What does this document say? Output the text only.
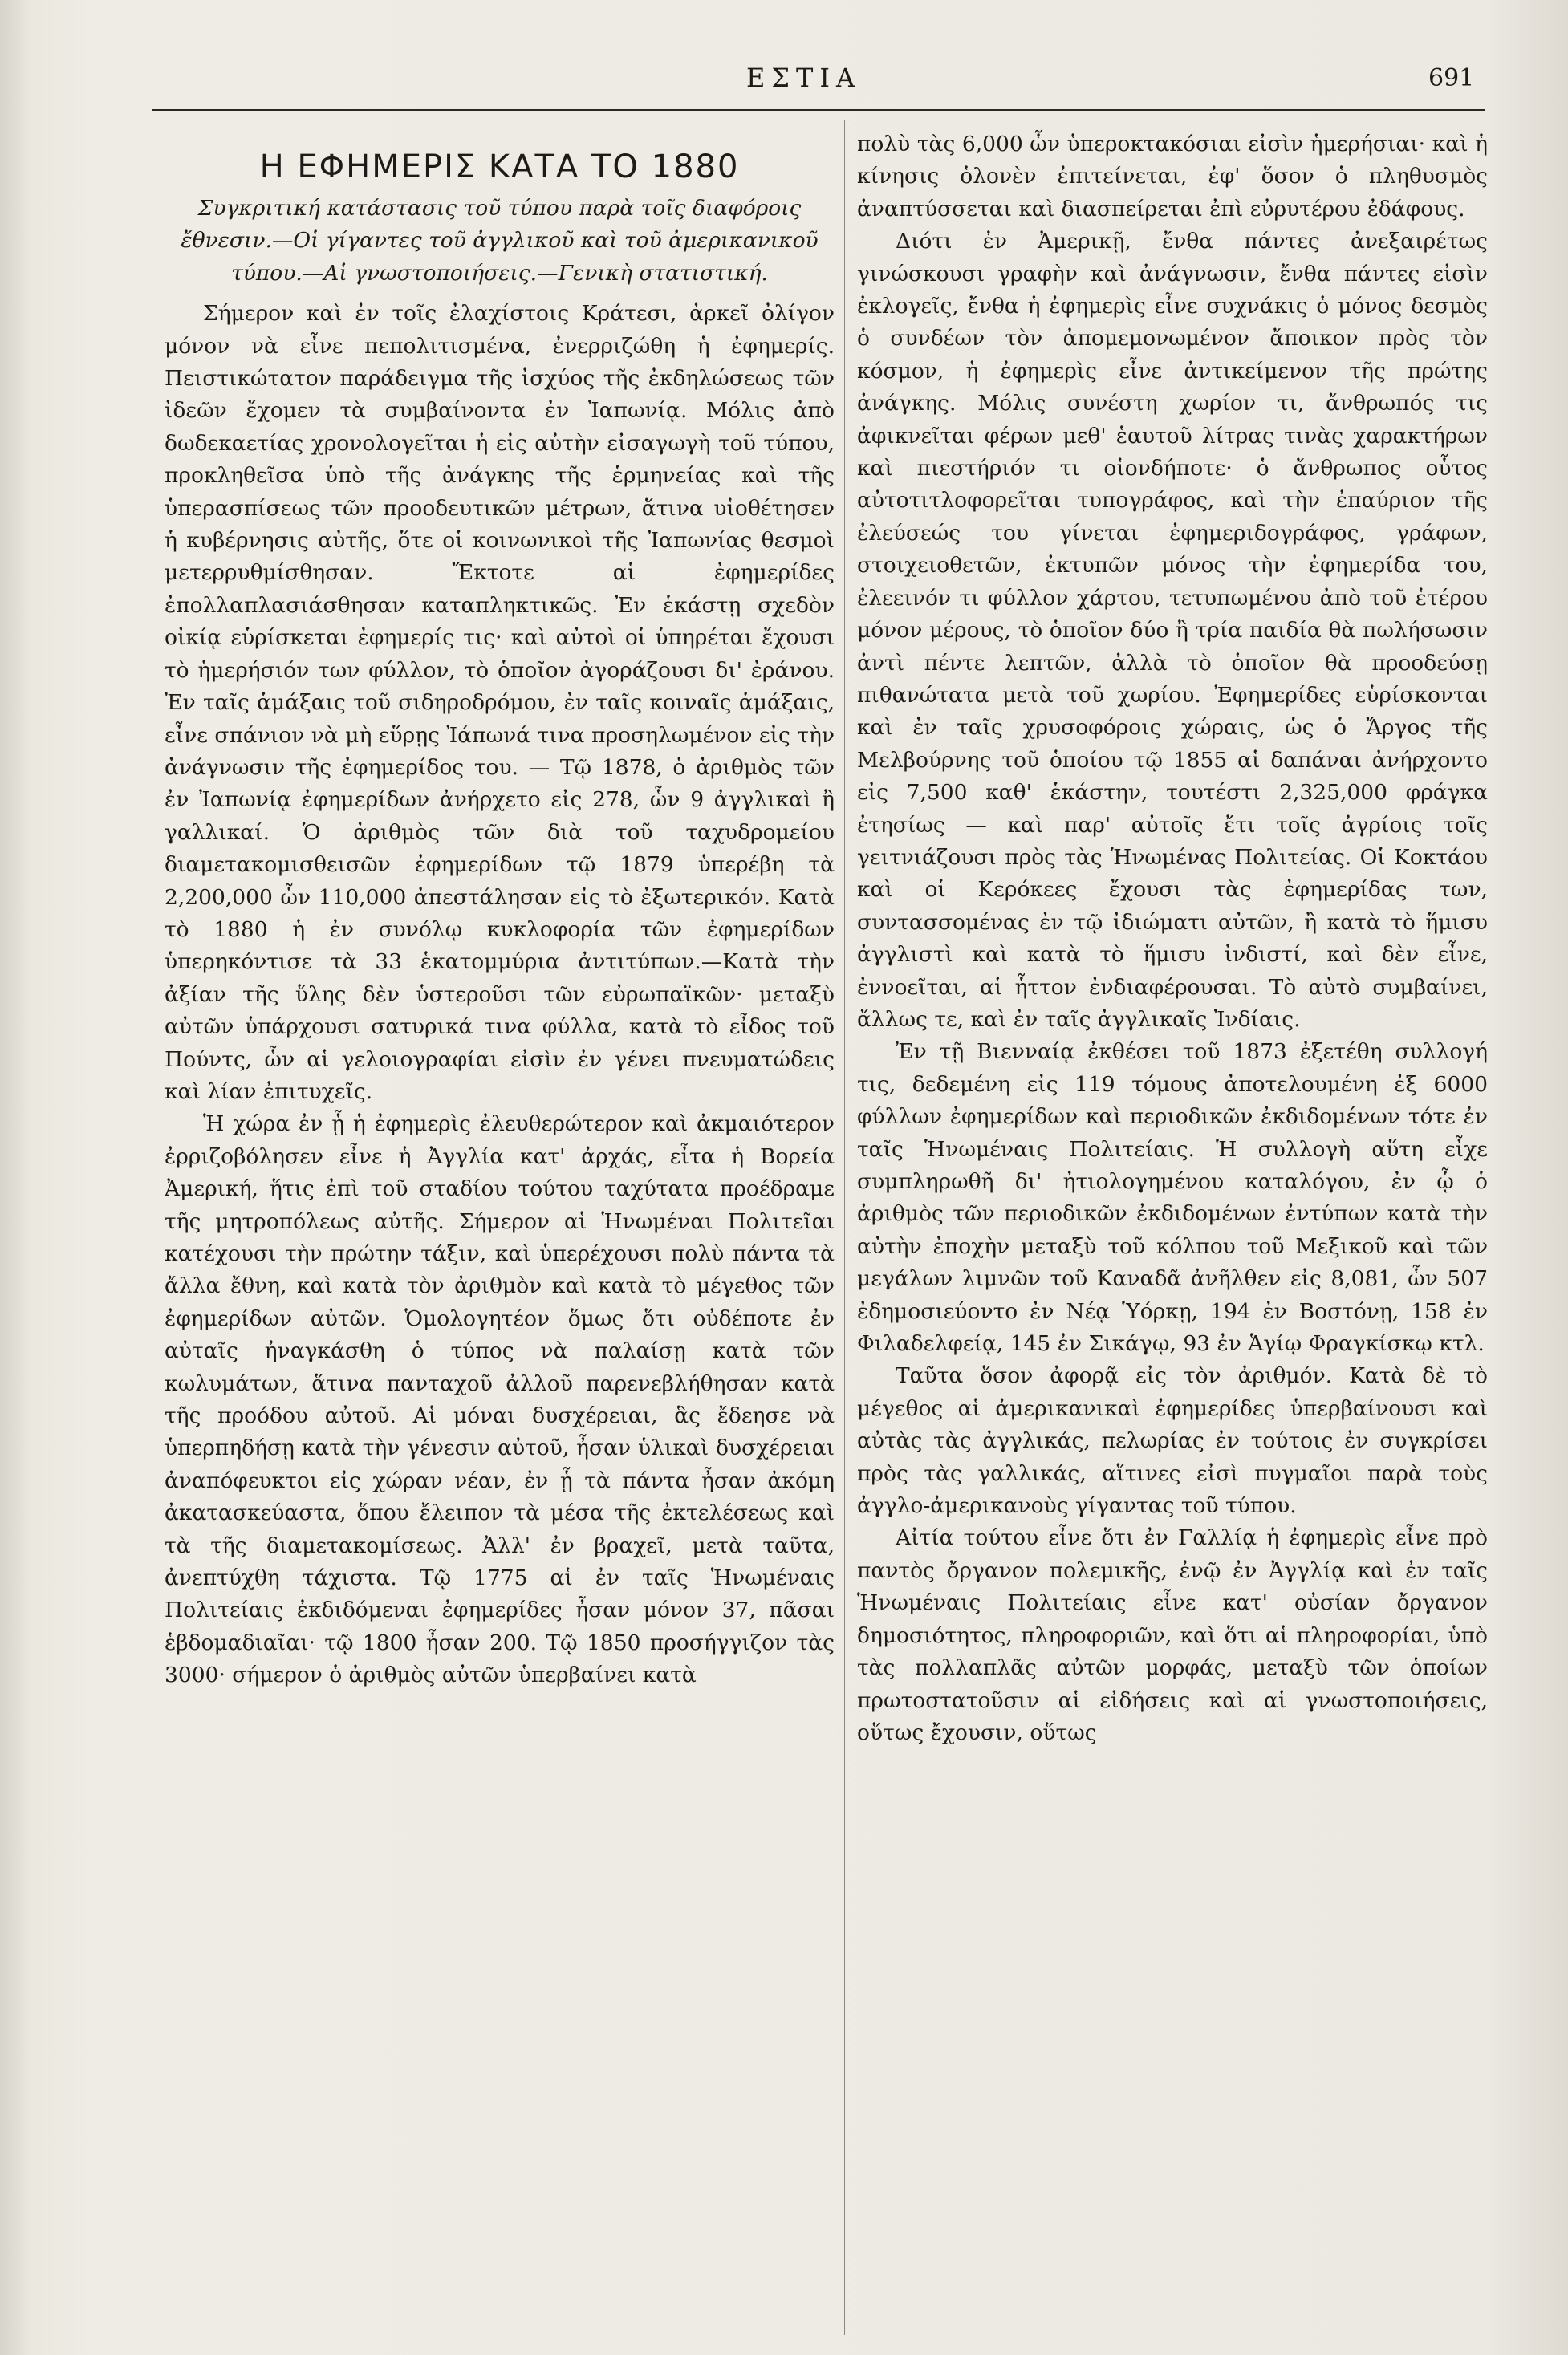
ΕΣΤΙΑ	691
Η ΕΦΗΜΕΡΙΣ ΚΑΤΑ ΤΟ 1880
Συγκριτική κατάστασις τοῦ τύπου παρὰ τοῖς διαφόροις ἔθνεσιν.—Οἱ γίγαντες τοῦ ἀγγλικοῦ καὶ τοῦ ἀμερικανικοῦ τύπου.—Αἱ γνωστοποιήσεις.—Γενικὴ στατιστική.

Σήμερον καὶ ἐν τοῖς ἐλαχίστοις Κράτεσι, ἀρκεῖ ὀλίγον μόνον νὰ εἶνε πεπολιτισμένα, ἐνερριζώθη ἡ ἐφημερίς. Πειστικώτατον παράδειγμα τῆς ἰσχύος τῆς ἐκδηλώσεως τῶν ἰδεῶν ἔχομεν τὰ συμβαίνοντα ἐν Ἰαπωνίᾳ. Μόλις ἀπὸ δωδεκαετίας χρονολογεῖται ἡ εἰς αὐτὴν εἰσαγωγὴ τοῦ τύπου, προκληθεῖσα ὑπὸ τῆς ἀνάγκης τῆς ἑρμηνείας καὶ τῆς ὑπερασπίσεως τῶν προοδευτικῶν μέτρων, ἅτινα υἱοθέτησεν ἡ κυβέρνησις αὐτῆς, ὅτε οἱ κοινωνικοὶ τῆς Ἰαπωνίας θεσμοὶ μετερρυθμίσθησαν. Ἔκτοτε αἱ ἐφημερίδες ἐπολλαπλασιάσθησαν καταπληκτικῶς. Ἐν ἑκάστῃ σχεδὸν οἰκίᾳ εὑρίσκεται ἐφημερίς τις· καὶ αὐτοὶ οἱ ὑπηρέται ἔχουσι τὸ ἡμερήσιόν των φύλλον, τὸ ὁποῖον ἀγοράζουσι δι' ἐράνου. Ἐν ταῖς ἁμάξαις τοῦ σιδηροδρόμου, ἐν ταῖς κοιναῖς ἁμάξαις, εἶνε σπάνιον νὰ μὴ εὕρῃς Ἰάπωνά τινα προσηλωμένον εἰς τὴν ἀνάγνωσιν τῆς ἐφημερίδος του. — Τῷ 1878, ὁ ἀριθμὸς τῶν ἐν Ἰαπωνίᾳ ἐφημερίδων ἀνήρχετο εἰς 278, ὧν 9 ἀγγλικαὶ ἢ γαλλικαί. Ὁ ἀριθμὸς τῶν διὰ τοῦ ταχυδρομείου διαμετακομισθεισῶν ἐφημερίδων τῷ 1879 ὑπερέβη τὰ 2,200,000 ὧν 110,000 ἀπεστάλησαν εἰς τὸ ἐξωτερικόν. Κατὰ τὸ 1880 ἡ ἐν συνόλῳ κυκλοφορία τῶν ἐφημερίδων ὑπερηκόντισε τὰ 33 ἑκατομμύρια ἀντιτύπων.—Κατὰ τὴν ἀξίαν τῆς ὕλης δὲν ὑστεροῦσι τῶν εὐρωπαϊκῶν· μεταξὺ αὐτῶν ὑπάρχουσι σατυρικά τινα φύλλα, κατὰ τὸ εἶδος τοῦ Πούντς, ὧν αἱ γελοιογραφίαι εἰσὶν ἐν γένει πνευματώδεις καὶ λίαν ἐπιτυχεῖς.

Ἡ χώρα ἐν ᾗ ἡ ἐφημερὶς ἐλευθερώτερον καὶ ἀκμαιότερον ἐρριζοβόλησεν εἶνε ἡ Ἀγγλία κατ' ἀρχάς, εἶτα ἡ Βορεία Ἀμερική, ἥτις ἐπὶ τοῦ σταδίου τούτου ταχύτατα προέδραμε τῆς μητροπόλεως αὐτῆς. Σήμερον αἱ Ἡνωμέναι Πολιτεῖαι κατέχουσι τὴν πρώτην τάξιν, καὶ ὑπερέχουσι πολὺ πάντα τὰ ἄλλα ἔθνη, καὶ κατὰ τὸν ἀριθμὸν καὶ κατὰ τὸ μέγεθος τῶν ἐφημερίδων αὐτῶν. Ὁμολογητέον ὅμως ὅτι οὐδέποτε ἐν αὐταῖς ἠναγκάσθη ὁ τύπος νὰ παλαίσῃ κατὰ τῶν κωλυμάτων, ἅτινα πανταχοῦ ἀλλοῦ παρενεβλήθησαν κατὰ τῆς προόδου αὐτοῦ. Αἱ μόναι δυσχέρειαι, ἃς ἔδεησε νὰ ὑπερπηδήσῃ κατὰ τὴν γένεσιν αὐτοῦ, ἦσαν ὑλικαὶ δυσχέρειαι ἀναπόφευκτοι εἰς χώραν νέαν, ἐν ᾗ τὰ πάντα ἦσαν ἀκόμη ἀκατασκεύαστα, ὅπου ἔλειπον τὰ μέσα τῆς ἐκτελέσεως καὶ τὰ τῆς διαμετακομίσεως. Ἀλλ' ἐν βραχεῖ, μετὰ ταῦτα, ἀνεπτύχθη τάχιστα. Τῷ 1775 αἱ ἐν ταῖς Ἡνωμέναις Πολιτείαις ἐκδιδόμεναι ἐφημερίδες ἦσαν μόνον 37, πᾶσαι ἑβδομαδιαῖαι· τῷ 1800 ἦσαν 200. Τῷ 1850 προσήγγιζον τὰς 3000· σήμερον ὁ ἀριθμὸς αὐτῶν ὑπερβαίνει κατὰ

πολὺ τὰς 6,000 ὧν ὑπεροκτακόσιαι εἰσὶν ἡμερήσιαι· καὶ ἡ κίνησις ὁλονὲν ἐπιτείνεται, ἐφ' ὅσον ὁ πληθυσμὸς ἀναπτύσσεται καὶ διασπείρεται ἐπὶ εὐρυτέρου ἐδάφους.

Διότι ἐν Ἀμερικῇ, ἔνθα πάντες ἀνεξαιρέτως γινώσκουσι γραφὴν καὶ ἀνάγνωσιν, ἔνθα πάντες εἰσὶν ἐκλογεῖς, ἔνθα ἡ ἐφημερὶς εἶνε συχνάκις ὁ μόνος δεσμὸς ὁ συνδέων τὸν ἀπομεμονωμένον ἄποικον πρὸς τὸν κόσμον, ἡ ἐφημερὶς εἶνε ἀντικείμενον τῆς πρώτης ἀνάγκης. Μόλις συνέστη χωρίον τι, ἄνθρωπός τις ἀφικνεῖται φέρων μεθ' ἑαυτοῦ λίτρας τινὰς χαρακτήρων καὶ πιεστήριόν τι οἱονδήποτε· ὁ ἄνθρωπος οὗτος αὐτοτιτλοφορεῖται τυπογράφος, καὶ τὴν ἐπαύριον τῆς ἐλεύσεώς του γίνεται ἐφημεριδογράφος, γράφων, στοιχειοθετῶν, ἐκτυπῶν μόνος τὴν ἐφημερίδα του, ἐλεεινόν τι φύλλον χάρτου, τετυπωμένου ἀπὸ τοῦ ἑτέρου μόνον μέρους, τὸ ὁποῖον δύο ἢ τρία παιδία θὰ πωλήσωσιν ἀντὶ πέντε λεπτῶν, ἀλλὰ τὸ ὁποῖον θὰ προοδεύσῃ πιθανώτατα μετὰ τοῦ χωρίου. Ἐφημερίδες εὑρίσκονται καὶ ἐν ταῖς χρυσοφόροις χώραις, ὡς ὁ Ἄργος τῆς Μελβούρνης τοῦ ὁποίου τῷ 1855 αἱ δαπάναι ἀνήρχοντο εἰς 7,500 καθ' ἑκάστην, τουτέστι 2,325,000 φράγκα ἐτησίως — καὶ παρ' αὐτοῖς ἔτι τοῖς ἀγρίοις τοῖς γειτνιάζουσι πρὸς τὰς Ἡνωμένας Πολιτείας. Οἱ Κοκτάου καὶ οἱ Κερόκεες ἔχουσι τὰς ἐφημερίδας των, συντασσομένας ἐν τῷ ἰδιώματι αὐτῶν, ἢ κατὰ τὸ ἥμισυ ἀγγλιστὶ καὶ κατὰ τὸ ἥμισυ ἰνδιστί, καὶ δὲν εἶνε, ἐννοεῖται, αἱ ἧττον ἐνδιαφέρουσαι. Τὸ αὐτὸ συμβαίνει, ἄλλως τε, καὶ ἐν ταῖς ἀγγλικαῖς Ἰνδίαις.

Ἐν τῇ Βιενναίᾳ ἐκθέσει τοῦ 1873 ἐξετέθη συλλογή τις, δεδεμένη εἰς 119 τόμους ἀποτελουμένη ἐξ 6000 φύλλων ἐφημερίδων καὶ περιοδικῶν ἐκδιδομένων τότε ἐν ταῖς Ἡνωμέναις Πολιτείαις. Ἡ συλλογὴ αὕτη εἶχε συμπληρωθῆ δι' ἠτιολογημένου καταλόγου, ἐν ᾧ ὁ ἀριθμὸς τῶν περιοδικῶν ἐκδιδομένων ἐντύπων κατὰ τὴν αὐτὴν ἐποχὴν μεταξὺ τοῦ κόλπου τοῦ Μεξικοῦ καὶ τῶν μεγάλων λιμνῶν τοῦ Καναδᾶ ἀνῆλθεν εἰς 8,081, ὧν 507 ἐδημοσιεύοντο ἐν Νέᾳ Ὑόρκῃ, 194 ἐν Βοστόνῃ, 158 ἐν Φιλαδελφείᾳ, 145 ἐν Σικάγῳ, 93 ἐν Ἁγίῳ Φραγκίσκῳ κτλ.

Ταῦτα ὅσον ἀφορᾷ εἰς τὸν ἀριθμόν. Κατὰ δὲ τὸ μέγεθος αἱ ἀμερικανικαὶ ἐφημερίδες ὑπερβαίνουσι καὶ αὐτὰς τὰς ἀγγλικάς, πελωρίας ἐν τούτοις ἐν συγκρίσει πρὸς τὰς γαλλικάς, αἵτινες εἰσὶ πυγμαῖοι παρὰ τοὺς ἀγγλο-ἀμερικανοὺς γίγαντας τοῦ τύπου.

Αἰτία τούτου εἶνε ὅτι ἐν Γαλλίᾳ ἡ ἐφημερὶς εἶνε πρὸ παντὸς ὄργανον πολεμικῆς, ἐνῷ ἐν Ἀγγλίᾳ καὶ ἐν ταῖς Ἡνωμέναις Πολιτείαις εἶνε κατ' οὐσίαν ὄργανον δημοσιότητος, πληροφοριῶν, καὶ ὅτι αἱ πληροφορίαι, ὑπὸ τὰς πολλαπλᾶς αὐτῶν μορφάς, μεταξὺ τῶν ὁποίων πρωτοστατοῦσιν αἱ εἰδήσεις καὶ αἱ γνωστοποιήσεις, οὕτως ἔχουσιν, οὕτως
